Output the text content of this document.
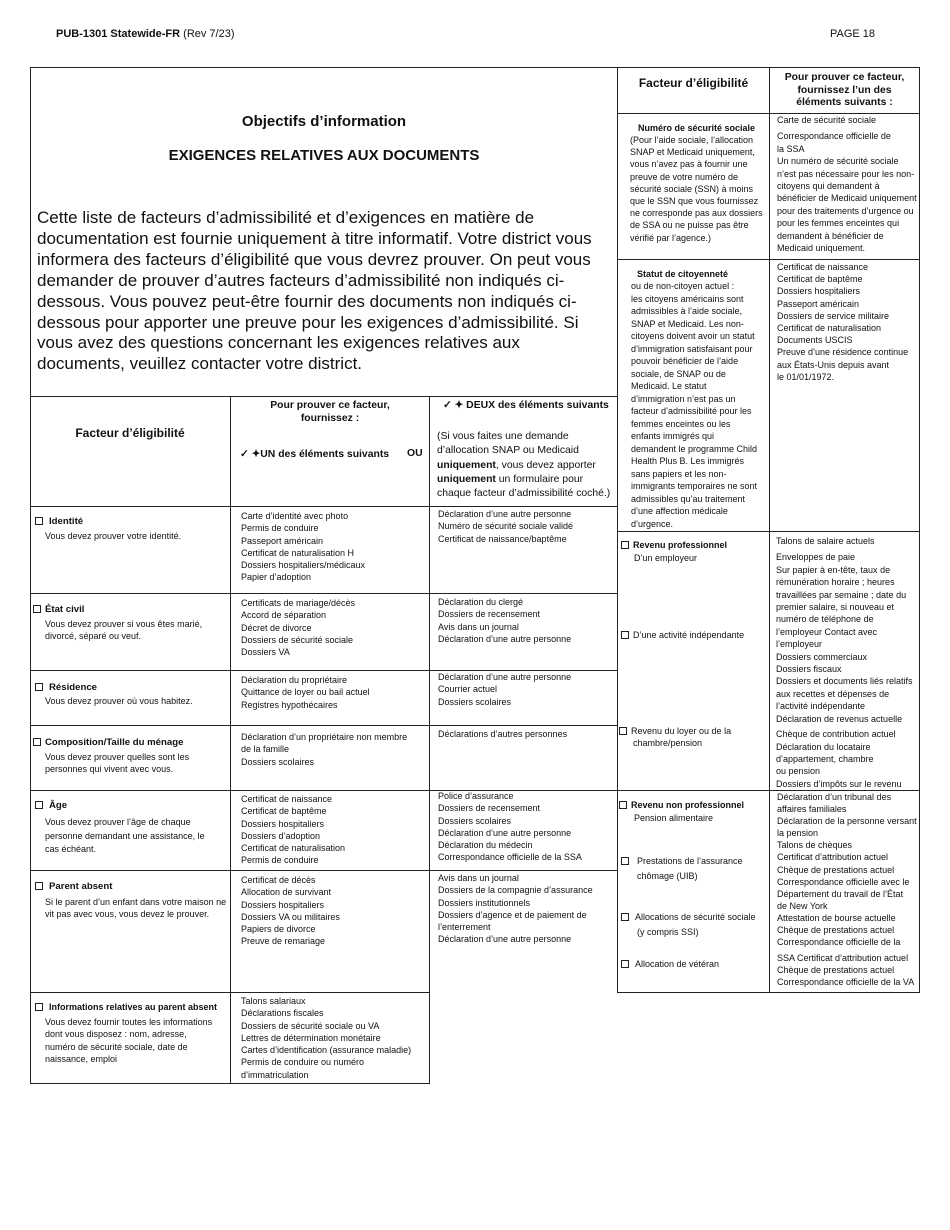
PUB-1301 Statewide-FR (Rev 7/23)	PAGE 18
Objectifs d’information
EXIGENCES RELATIVES AUX DOCUMENTS
Cette liste de facteurs d’admissibilité et d’exigences en matière de documentation est fournie uniquement à titre informatif. Votre district vous informera des facteurs d’éligibilité que vous devrez prouver. On peut vous demander de prouver d’autres facteurs d’admissibilité non indiqués ci-dessous. Vous pouvez peut-être fournir des documents non indiqués ci-dessous pour apporter une preuve pour les exigences d’admissibilité. Si vous avez des questions concernant les exigences relatives aux documents, veuillez contacter votre district.
Facteur d’éligibilité
Pour prouver ce facteur,
fournissez :
✓ ✦UN des éléments suivants OU
✓ ✦ DEUX des éléments suivants
(Si vous faites une demande d’allocation SNAP ou Medicaid uniquement, vous devez apporter uniquement un formulaire pour chaque facteur d’admissibilité coché.)
Identité
Vous devez prouver votre identité.
Carte d’identité avec photo
Permis de conduire
Passeport américain
Certificat de naturalisation H
Dossiers hospitaliers/médicaux
Papier d’adoption
Déclaration d’une autre personne
Numéro de sécurité sociale validé
Certificat de naissance/baptême
État civil
Vous devez prouver si vous êtes marié,
divorcé, séparé ou veuf.
Certificats de mariage/décès
Accord de séparation
Décret de divorce
Dossiers de sécurité sociale
Dossiers VA
Déclaration du clergé
Dossiers de recensement
Avis dans un journal
Déclaration d’une autre personne
Résidence
Vous devez prouver où vous habitez.
Déclaration du propriétaire
Quittance de loyer ou bail actuel
Registres hypothécaires
Déclaration d’une autre personne
Courrier actuel
Dossiers scolaires
Composition/Taille du ménage
Vous devez prouver quelles sont les
personnes qui vivent avec vous.
Déclaration d’un propriétaire non membre
de la famille
Dossiers scolaires
Déclarations d’autres personnes
Âge
Vous devez prouver l’âge de chaque
personne demandant une assistance, le
cas échéant.
Certificat de naissance
Certificat de baptême
Dossiers hospitaliers
Dossiers d’adoption
Certificat de naturalisation
Permis de conduire
Police d’assurance
Dossiers de recensement
Dossiers scolaires
Déclaration d’une autre personne
Déclaration du médecin
Correspondance officielle de la SSA
Parent absent
Si le parent d’un enfant dans votre maison ne
vit pas avec vous, vous devez le prouver.
Certificat de décès
Allocation de survivant
Dossiers hospitaliers
Dossiers VA ou militaires
Papiers de divorce
Preuve de remariage
Avis dans un journal
Dossiers de la compagnie d’assurance
Dossiers institutionnels
Dossiers d’agence et de paiement de
l’enterrement
Déclaration d’une autre personne
Informations relatives au parent absent
Vous devez fournir toutes les informations
dont vous disposez : nom, adresse,
numéro de sécurité sociale, date de
naissance, emploi
Talons salariaux
Déclarations fiscales
Dossiers de sécurité sociale ou VA
Lettres de détermination monétaire
Cartes d’identification (assurance maladie)
Permis de conduire ou numéro
d’immatriculation
Facteur d’éligibilité	Pour prouver ce facteur,
fournissez l’un des
éléments suivants :
Numéro de sécurité sociale
(Pour l’aide sociale, l’allocation
SNAP et Medicaid uniquement,
vous n’avez pas à fournir une
preuve de votre numéro de
sécurité sociale (SSN) à moins
que le SSN que vous fournissez
ne corresponde pas aux dossiers
de SSA ou ne puisse pas être
vérifié par l’agence.)
Carte de sécurité sociale
Correspondance officielle de
la SSA
Un numéro de sécurité sociale
n’est pas nécessaire pour les non-
citoyens qui demandent à
bénéficier de Medicaid uniquement
pour des traitements d’urgence ou
pour les femmes enceintes qui
demandent à bénéficier de
Medicaid uniquement.
Statut de citoyenneté
ou de non-citoyen actuel :
les citoyens américains sont
admissibles à l’aide sociale,
SNAP et Medicaid. Les non-
citoyens doivent avoir un statut
d’immigration satisfaisant pour
pouvoir bénéficier de l’aide
sociale, de SNAP ou de
Medicaid. Le statut
d’immigration n’est pas un
facteur d’admissibilité pour les
femmes enceintes ou les
enfants immigrés qui
demandent le programme Child
Health Plus B. Les immigrés
sans papiers et les non-
immigrants temporaires ne sont
admissibles qu’au traitement
d’une affection médicale
d’urgence.
Certificat de naissance
Certificat de baptême
Dossiers hospitaliers
Passeport américain
Dossiers de service militaire
Certificat de naturalisation
Documents USCIS
Preuve d’une résidence continue
aux États-Unis depuis avant
le 01/01/1972.
Revenu professionnel
D’un employeur
D’une activité indépendante
Revenu du loyer ou de la
chambre/pension
Talons de salaire actuels
Enveloppes de paie
Sur papier à en-tête, taux de
rémunération horaire ; heures
travaillées par semaine ; date du
premier salaire, si nouveau et
numéro de téléphone de
l’employeur Contact avec
l’employeur
Dossiers commerciaux
Dossiers fiscaux
Dossiers et documents liés relatifs
aux recettes et dépenses de
l’activité indépendante
Déclaration de revenus actuelle
Chèque de contribution actuel
Déclaration du locataire
d’appartement, chambre
ou pension
Dossiers d’impôts sur le revenu
Revenu non professionnel
Pension alimentaire
Prestations de l’assurance
chômage (UIB)
Allocations de sécurité sociale
(y compris SSI)
Allocation de vétéran
Déclaration d’un tribunal des
affaires familiales
Déclaration de la personne versant
la pension
Talons de chèques
Certificat d’attribution actuel
Chèque de prestations actuel
Correspondance officielle avec le
Département du travail de l’État
de New York
Attestation de bourse actuelle
Chèque de prestations actuel
Correspondance officielle de la
SSA Certificat d’attribution actuel
Chèque de prestations actuel
Correspondance officielle de la VA
